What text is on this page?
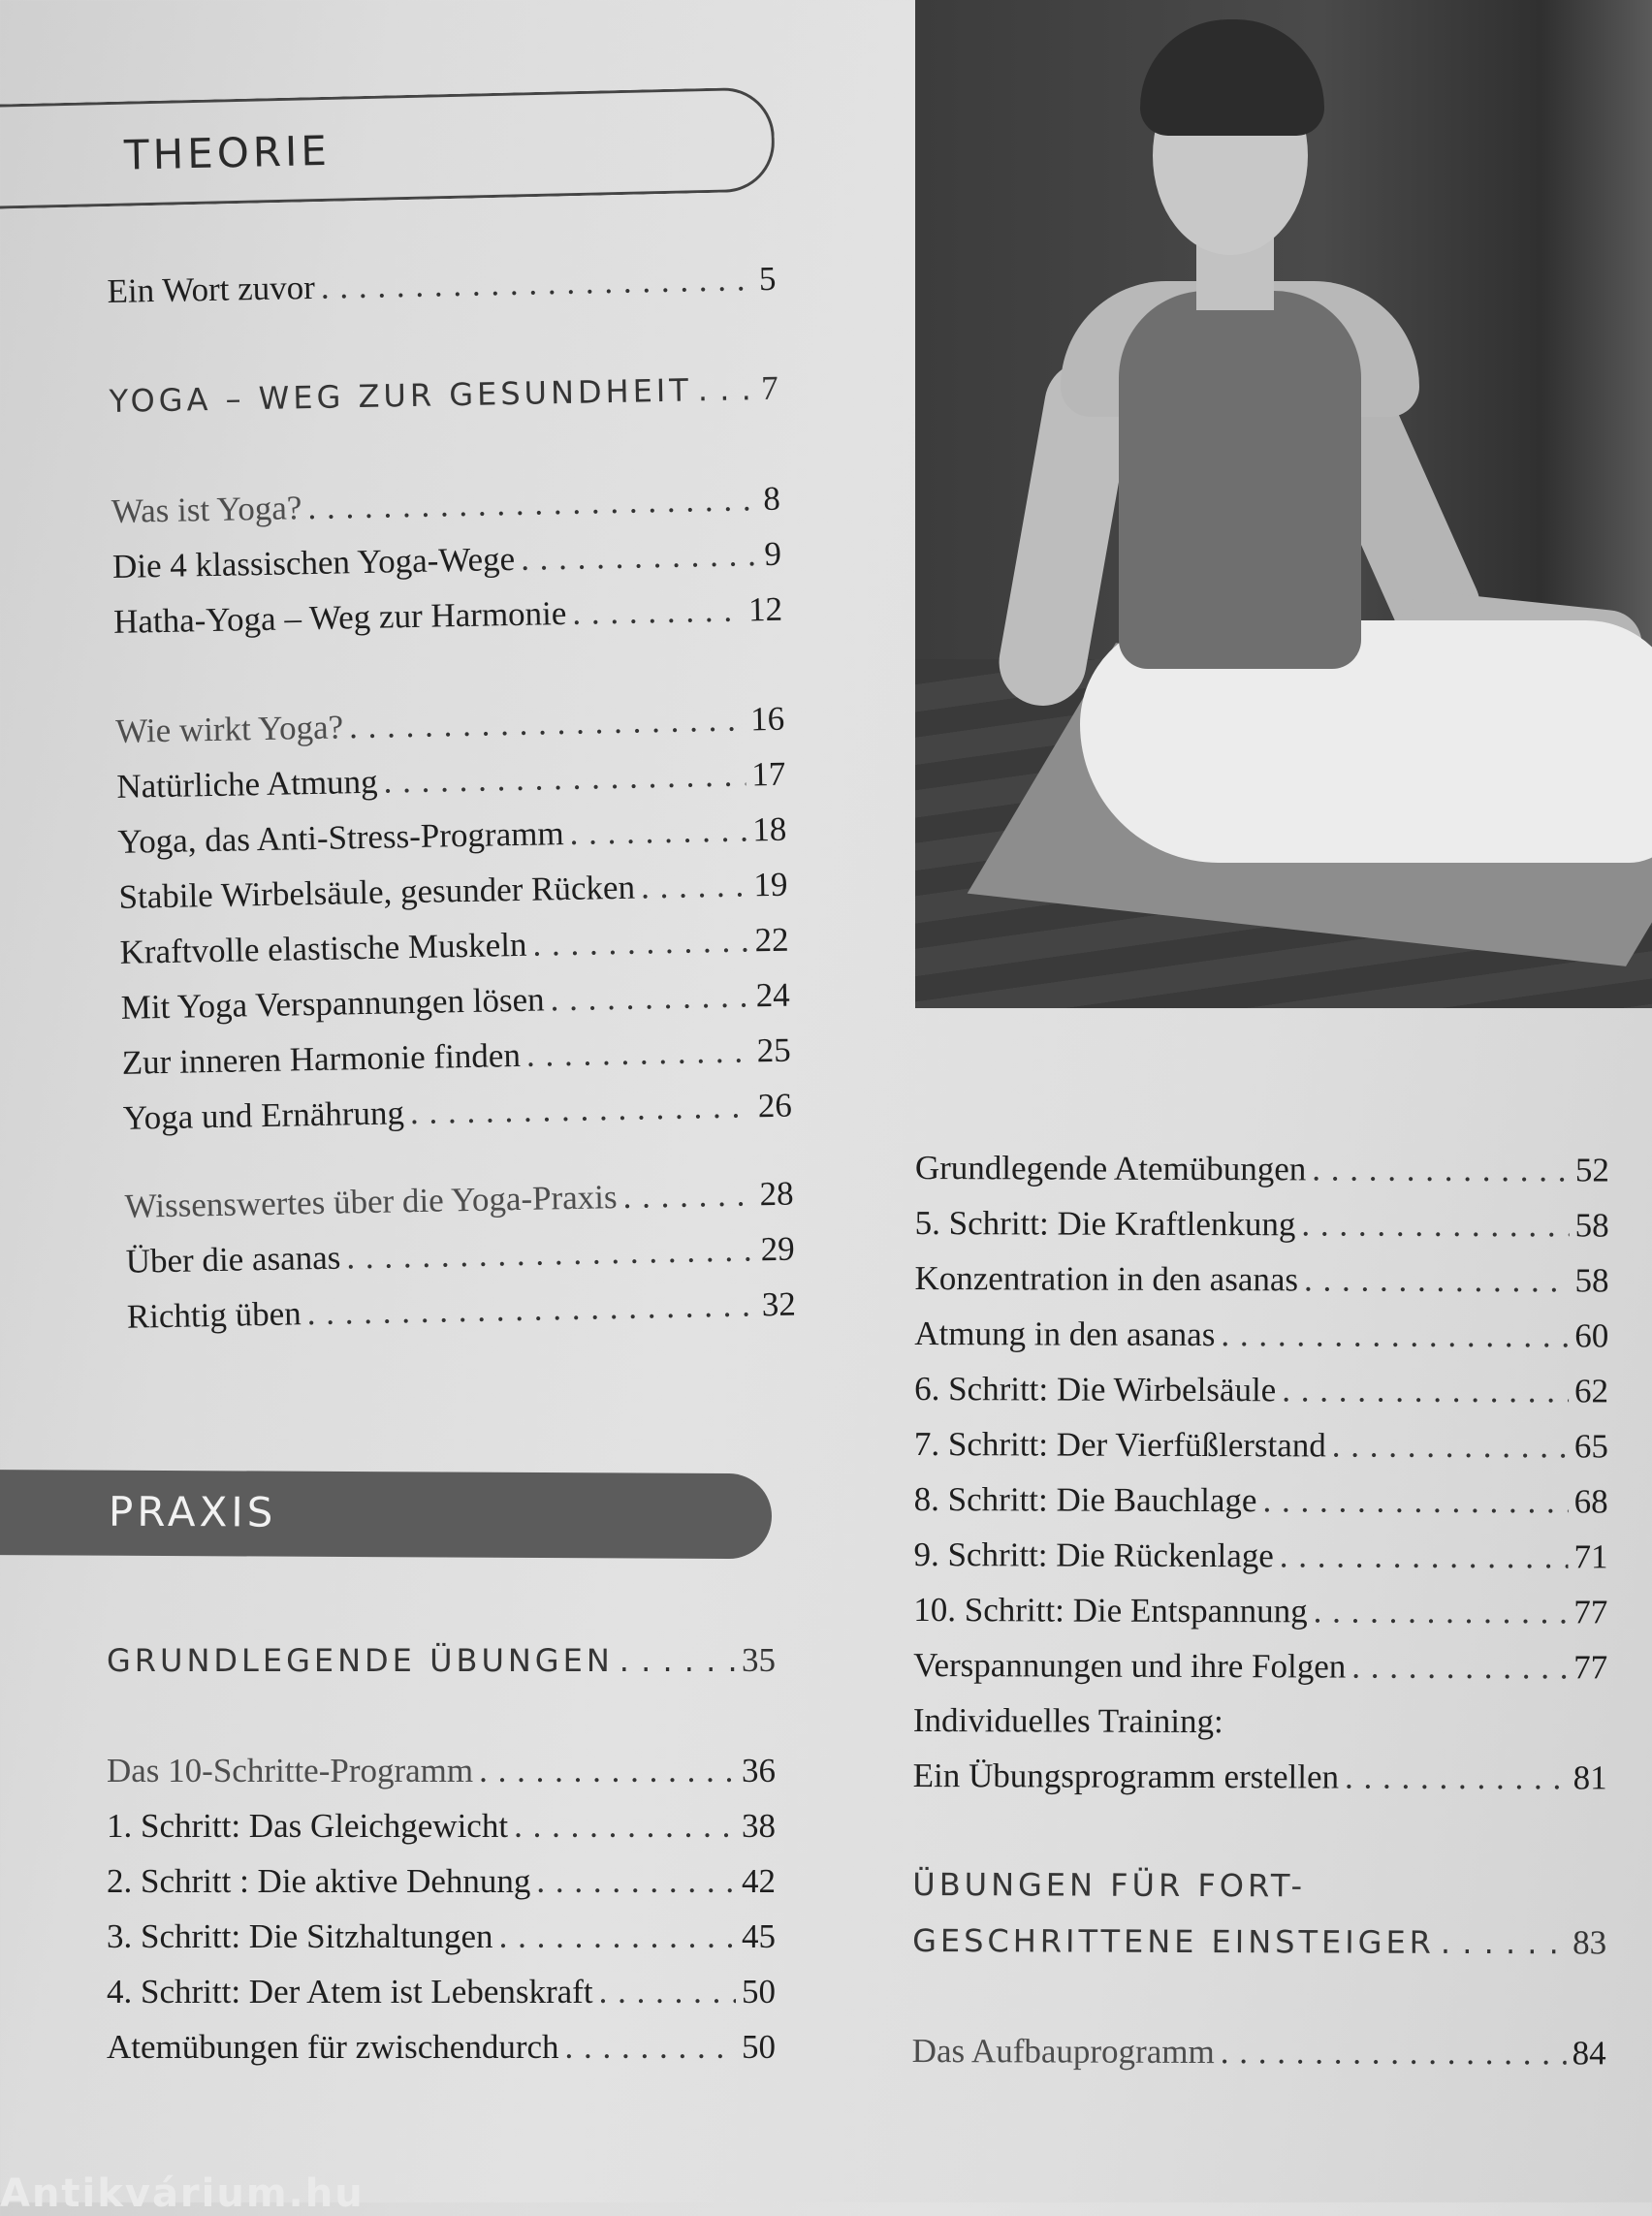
THEORIE
Ein Wort zuvor . . .	5
YOGA – WEG ZUR GESUNDHEIT . . . 7
Was ist Yoga? . . .	8
Die 4 klassischen Yoga-Wege . . .	9
Hatha-Yoga – Weg zur Harmonie . . .	12
Wie wirkt Yoga? . . .	16
Natürliche Atmung . . .	17
Yoga, das Anti-Stress-Programm . . .	18
Stabile Wirbelsäule, gesunder Rücken . . .	19
Kraftvolle elastische Muskeln . . .	22
Mit Yoga Verspannungen lösen . . .	24
Zur inneren Harmonie finden . . .	25
Yoga und Ernährung . . .	26
Wissenswertes über die Yoga-Praxis . . .	28
Über die asanas . . .	29
Richtig üben . . .	32
PRAXIS
GRUNDLEGENDE ÜBUNGEN . . .	35
Das 10-Schritte-Programm . . .	36
1. Schritt: Das Gleichgewicht . . .	38
2. Schritt : Die aktive Dehnung . . .	42
3. Schritt: Die Sitzhaltungen . . .	45
4. Schritt: Der Atem ist Lebenskraft . . .	50
Atemübungen für zwischendurch . . .	50
Grundlegende Atemübungen . . .	52
5. Schritt: Die Kraftlenkung . . .	58
Konzentration in den asanas . . .	58
Atmung in den asanas . . .	60
6. Schritt: Die Wirbelsäule . . .	62
7. Schritt: Der Vierfüßlerstand . . .	65
8. Schritt: Die Bauchlage . . .	68
9. Schritt: Die Rückenlage . . .	71
10. Schritt: Die Entspannung . . .	77
Verspannungen und ihre Folgen . . .	77
Individuelles Training:
Ein Übungsprogramm erstellen . . .	81
ÜBUNGEN FÜR FORT-
GESCHRITTENE EINSTEIGER . . .	83
Das Aufbauprogramm . . .	84
Antikvárium.hu
